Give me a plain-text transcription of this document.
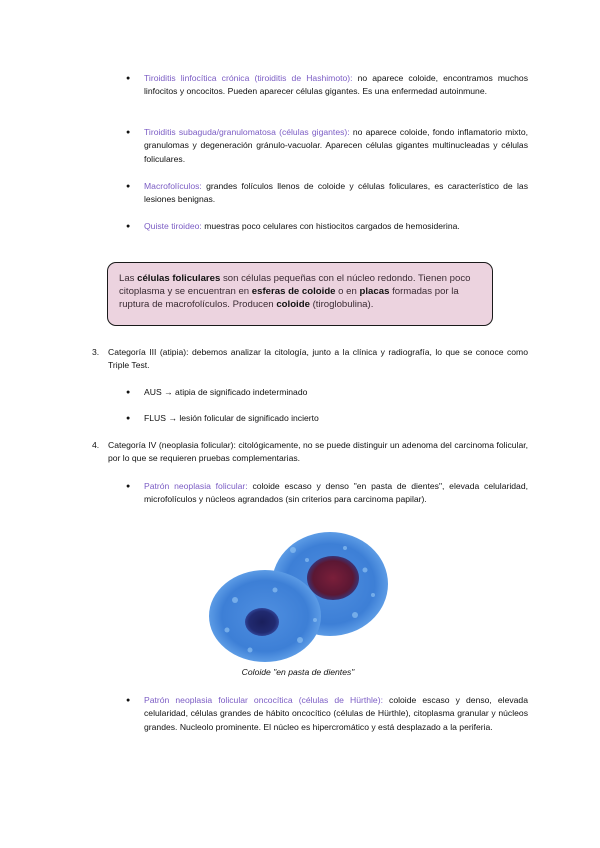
● Tiroiditis linfocítica crónica (tiroiditis de Hashimoto): no aparece coloide, encontramos muchos linfocitos y oncocitos. Pueden aparecer células gigantes. Es una enfermedad autoinmune.
● Tiroiditis subaguda/granulomatosa (células gigantes): no aparece coloide, fondo inflamatorio mixto, granulomas y degeneración gránulo-vacuolar. Aparecen células gigantes multinucleadas y células foliculares.
● Macrofolículos: grandes folículos llenos de coloide y células foliculares, es característico de las lesiones benignas.
● Quiste tiroideo: muestras poco celulares con histiocitos cargados de hemosiderina.
Las células foliculares son células pequeñas con el núcleo redondo. Tienen poco citoplasma y se encuentran en esferas de coloide o en placas formadas por la ruptura de macrofolículos. Producen coloide (tiroglobulina).
3.	Categoría III (atipia): debemos analizar la citología, junto a la clínica y radiografía, lo que se conoce como Triple Test.
● AUS → atipia de significado indeterminado
● FLUS → lesión folicular de significado incierto
4.	Categoría IV (neoplasia folicular): citológicamente, no se puede distinguir un adenoma del carcinoma folicular, por lo que se requieren pruebas complementarias.
● Patrón neoplasia folicular: coloide escaso y denso "en pasta de dientes", elevada celularidad, microfolículos y núcleos agrandados (sin criterios para carcinoma papilar).
Coloide "en pasta de dientes"
● Patrón neoplasia folicular oncocítica (células de Hürthle): coloide escaso y denso, elevada celularidad, células grandes de hábito oncocítico (células de Hürthle), citoplasma granular y núcleos grandes. Nucleolo prominente. El núcleo es hipercromático y está desplazado a la periferia.
